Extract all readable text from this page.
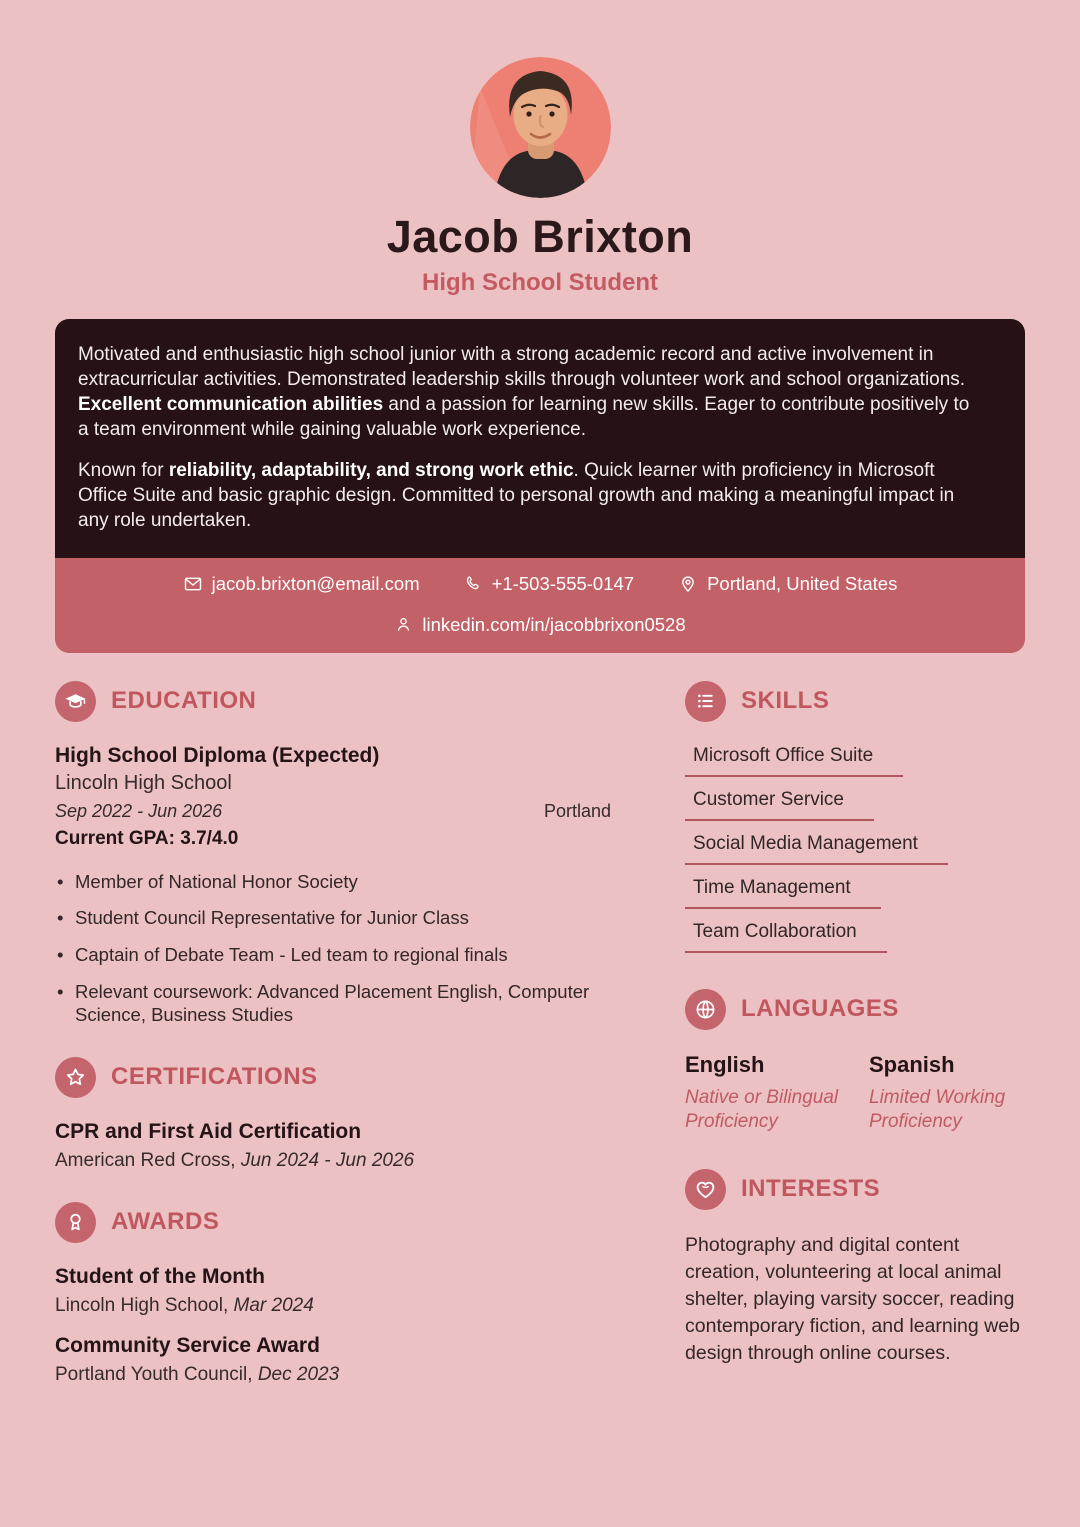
Jacob Brixton
High School Student

Motivated and enthusiastic high school junior with a strong academic record and active involvement in extracurricular activities. Demonstrated leadership skills through volunteer work and school organizations. Excellent communication abilities and a passion for learning new skills. Eager to contribute positively to a team environment while gaining valuable work experience.

Known for reliability, adaptability, and strong work ethic. Quick learner with proficiency in Microsoft Office Suite and basic graphic design. Committed to personal growth and making a meaningful impact in any role undertaken.

jacob.brixton@email.com	+1-503-555-0147	Portland, United States
linkedin.com/in/jacobbrixon0528
EDUCATION
High School Diploma (Expected)
Lincoln High School
Sep 2022 - Jun 2026	Portland
Current GPA: 3.7/4.0
• Member of National Honor Society
• Student Council Representative for Junior Class
• Captain of Debate Team - Led team to regional finals
• Relevant coursework: Advanced Placement English, Computer Science, Business Studies
CERTIFICATIONS
CPR and First Aid Certification

American Red Cross, Jun 2024 - Jun 2026

AWARDS
Student of the Month

Lincoln High School, Mar 2024

Community Service Award

Portland Youth Council, Dec 2023

SKILLS
Microsoft Office Suite
Customer Service
Social Media Management
Time Management
Team Collaboration
LANGUAGES
English
Native or Bilingual Proficiency
Spanish
Limited Working Proficiency
INTERESTS

Photography and digital content creation, volunteering at local animal shelter, playing varsity soccer, reading contemporary fiction, and learning web design through online courses.
